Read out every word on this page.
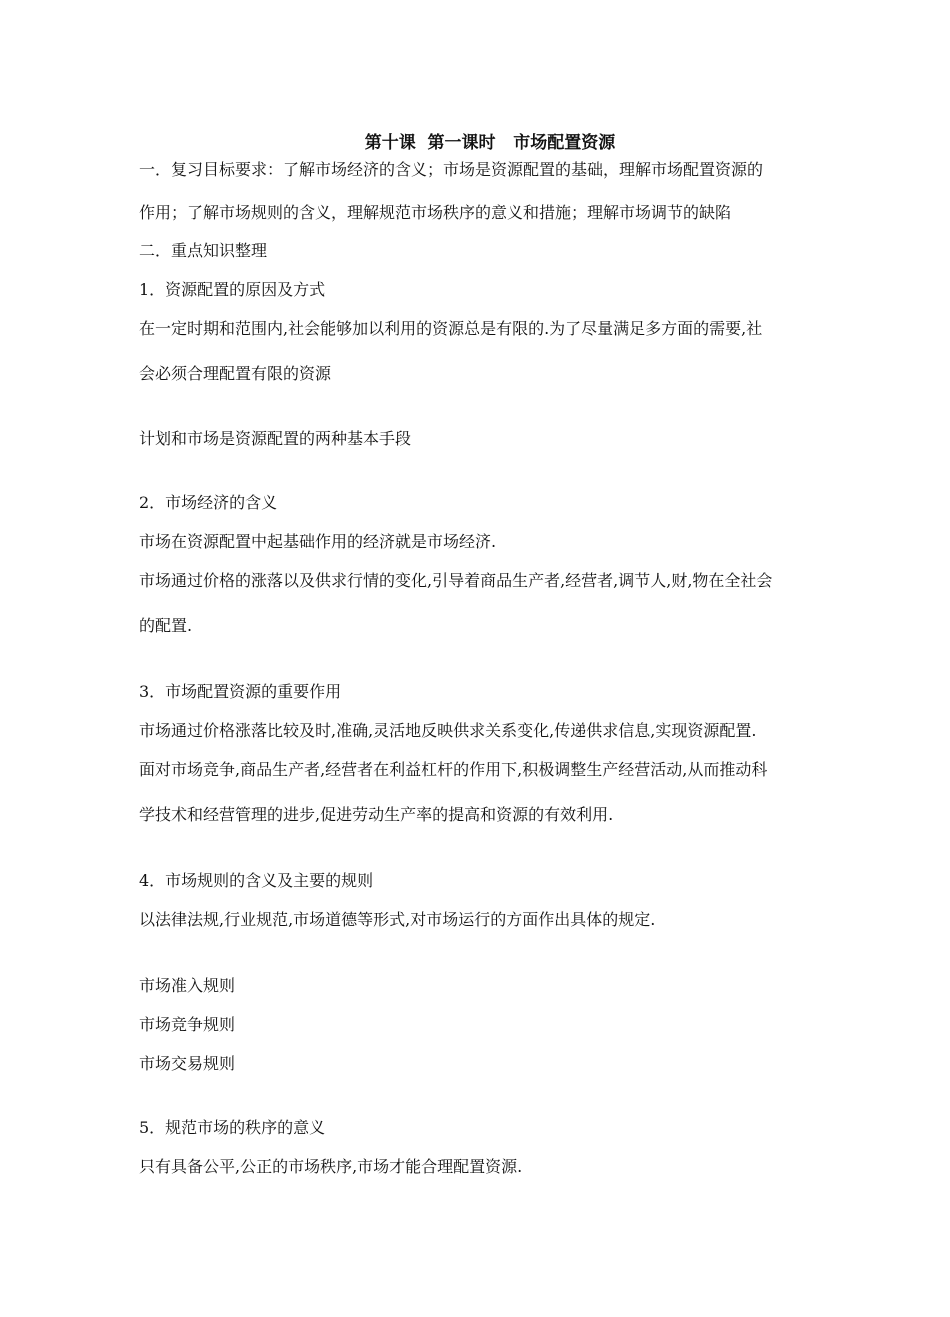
第十课  第一课时   市场配置资源
一．复习目标要求：了解市场经济的含义；市场是资源配置的基础，理解市场配置资源的
作用；了解市场规则的含义，理解规范市场秩序的意义和措施；理解市场调节的缺陷
二．重点知识整理
1．资源配置的原因及方式
在一定时期和范围内,社会能够加以利用的资源总是有限的.为了尽量满足多方面的需要,社
会必须合理配置有限的资源
计划和市场是资源配置的两种基本手段
2．市场经济的含义
市场在资源配置中起基础作用的经济就是市场经济.
市场通过价格的涨落以及供求行情的变化,引导着商品生产者,经营者,调节人,财,物在全社会
的配置.
3．市场配置资源的重要作用
市场通过价格涨落比较及时,准确,灵活地反映供求关系变化,传递供求信息,实现资源配置.
面对市场竞争,商品生产者,经营者在利益杠杆的作用下,积极调整生产经营活动,从而推动科
学技术和经营管理的进步,促进劳动生产率的提高和资源的有效利用.
4．市场规则的含义及主要的规则
以法律法规,行业规范,市场道德等形式,对市场运行的方面作出具体的规定.
市场准入规则
市场竞争规则
市场交易规则
5．规范市场的秩序的意义
只有具备公平,公正的市场秩序,市场才能合理配置资源.
